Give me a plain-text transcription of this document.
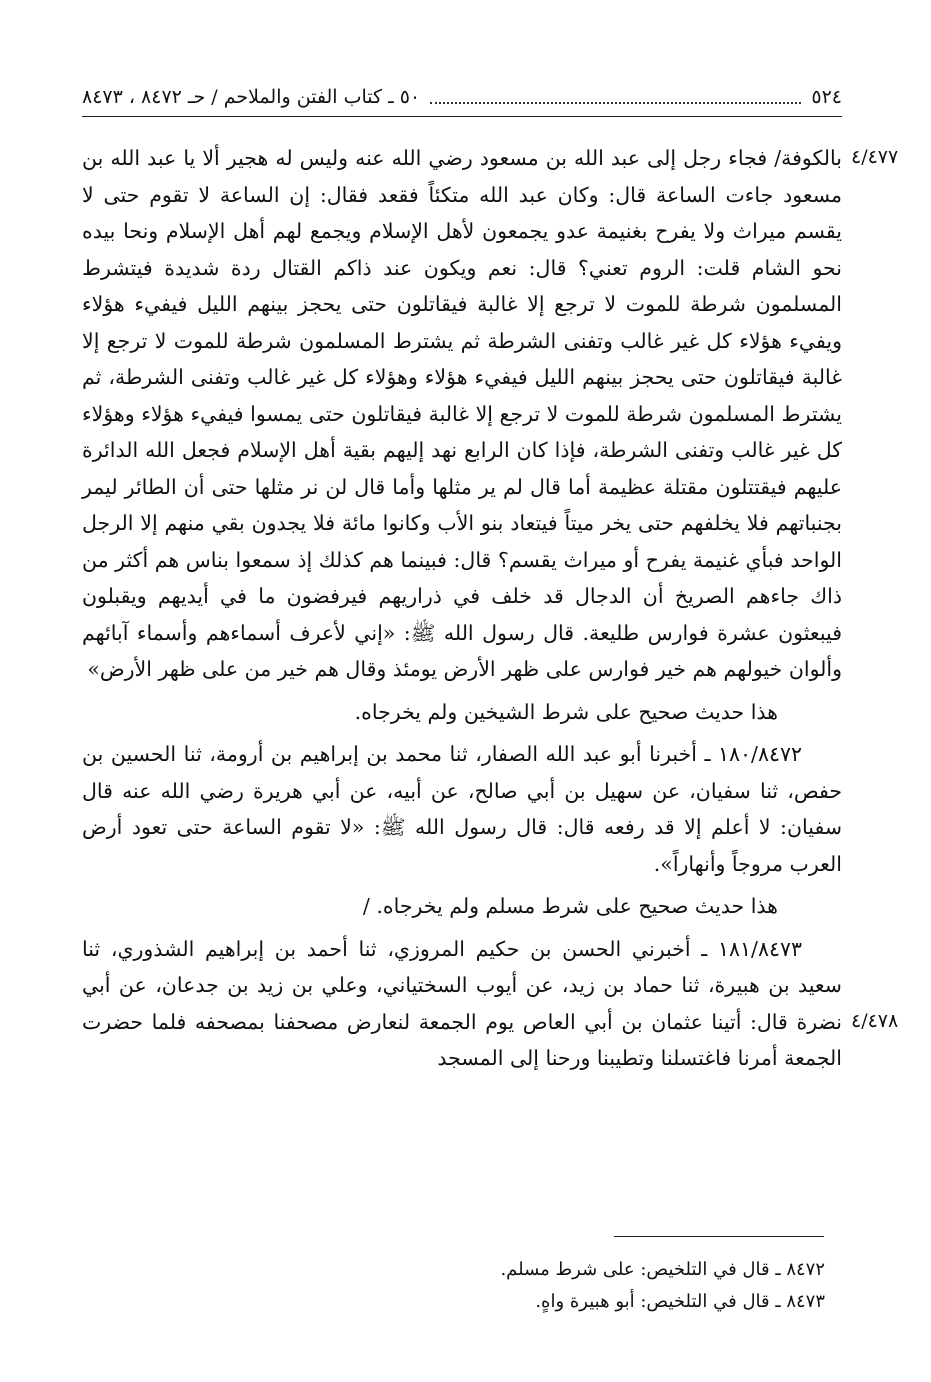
٥٢٤
٥٠ ـ كتاب الفتن والملاحم / حـ ٨٤٧٢ ، ٨٤٧٣
٤/٤٧٧
٤/٤٧٨

بالكوفة/ فجاء رجل إلى عبد الله بن مسعود رضي الله عنه وليس له هجير ألا يا عبد الله بن مسعود جاءت الساعة قال: وكان عبد الله متكئاً فقعد فقال: إن الساعة لا تقوم حتى لا يقسم ميراث ولا يفرح بغنيمة عدو يجمعون لأهل الإسلام ويجمع لهم أهل الإسلام ونحا بيده نحو الشام قلت: الروم تعني؟ قال: نعم ويكون عند ذاكم القتال ردة شديدة فيتشرط المسلمون شرطة للموت لا ترجع إلا غالبة فيقاتلون حتى يحجز بينهم الليل فيفيء هؤلاء ويفيء هؤلاء كل غير غالب وتفنى الشرطة ثم يشترط المسلمون شرطة للموت لا ترجع إلا غالبة فيقاتلون حتى يحجز بينهم الليل فيفيء هؤلاء وهؤلاء كل غير غالب وتفنى الشرطة، ثم يشترط المسلمون شرطة للموت لا ترجع إلا غالبة فيقاتلون حتى يمسوا فيفيء هؤلاء وهؤلاء كل غير غالب وتفنى الشرطة، فإذا كان الرابع نهد إليهم بقية أهل الإسلام فجعل الله الدائرة عليهم فيقتتلون مقتلة عظيمة أما قال لم ير مثلها وأما قال لن نر مثلها حتى أن الطائر ليمر بجنباتهم فلا يخلفهم حتى يخر ميتاً فيتعاد بنو الأب وكانوا مائة فلا يجدون بقي منهم إلا الرجل الواحد فبأي غنيمة يفرح أو ميراث يقسم؟ قال: فبينما هم كذلك إذ سمعوا بناس هم أكثر من ذاك جاءهم الصريخ أن الدجال قد خلف في ذراريهم فيرفضون ما في أيديهم ويقبلون فيبعثون عشرة فوارس طليعة. قال رسول الله ﷺ: «إني لأعرف أسماءهم وأسماء آبائهم وألوان خيولهم هم خير فوارس على ظهر الأرض يومئذ وقال هم خير من على ظهر الأرض»

هذا حديث صحيح على شرط الشيخين ولم يخرجاه.

١٨٠/٨٤٧٢ ـ أخبرنا أبو عبد الله الصفار، ثنا محمد بن إبراهيم بن أرومة، ثنا الحسين بن حفص، ثنا سفيان، عن سهيل بن أبي صالح، عن أبيه، عن أبي هريرة رضي الله عنه قال سفيان: لا أعلم إلا قد رفعه قال: قال رسول الله ﷺ: «لا تقوم الساعة حتى تعود أرض العرب مروجاً وأنهاراً».

هذا حديث صحيح على شرط مسلم ولم يخرجاه. /

١٨١/٨٤٧٣ ـ أخبرني الحسن بن حكيم المروزي، ثنا أحمد بن إبراهيم الشذوري، ثنا سعيد بن هبيرة، ثنا حماد بن زيد، عن أيوب السختياني، وعلي بن زيد بن جدعان، عن أبي نضرة قال: أتينا عثمان بن أبي العاص يوم الجمعة لنعارض مصحفنا بمصحفه فلما حضرت الجمعة أمرنا فاغتسلنا وتطيبنا ورحنا إلى المسجد

٨٤٧٢ ـ قال في التلخيص: على شرط مسلم.

٨٤٧٣ ـ قال في التلخيص: أبو هبيرة واهٍ.
